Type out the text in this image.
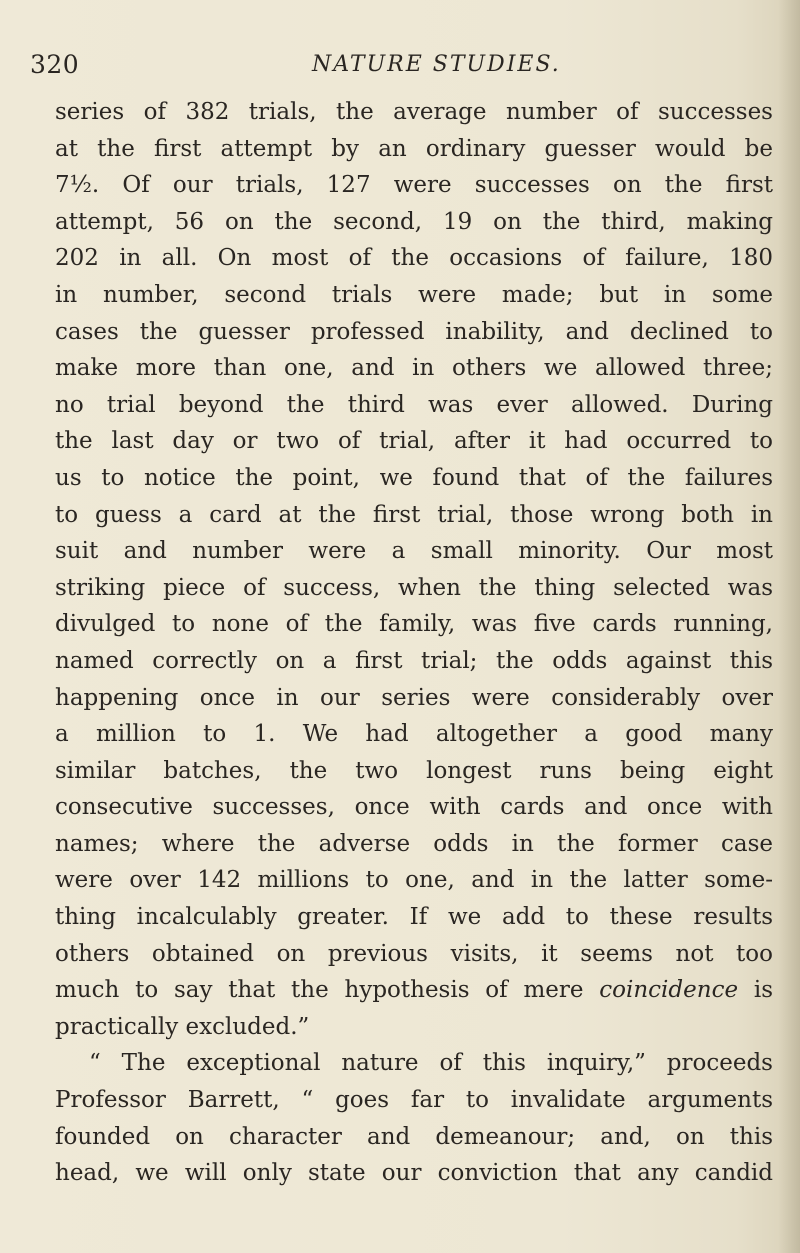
320	NATURE STUDIES.
series of 382 trials, the average number of successes
at the first attempt by an ordinary guesser would be
7½. Of our trials, 127 were successes on the first
attempt, 56 on the second, 19 on the third, making
202 in all. On most of the occasions of failure, 180
in number, second trials were made; but in some
cases the guesser professed inability, and declined to
make more than one, and in others we allowed three;
no trial beyond the third was ever allowed. During
the last day or two of trial, after it had occurred to
us to notice the point, we found that of the failures
to guess a card at the first trial, those wrong both in
suit and number were a small minority. Our most
striking piece of success, when the thing selected was
divulged to none of the family, was five cards running,
named correctly on a first trial; the odds against this
happening once in our series were considerably over
a million to 1. We had altogether a good many
similar batches, the two longest runs being eight
consecutive successes, once with cards and once with
names; where the adverse odds in the former case
were over 142 millions to one, and in the latter some-
thing incalculably greater. If we add to these results
others obtained on previous visits, it seems not too
much to say that the hypothesis of mere coincidence is
practically excluded.”
“ The exceptional nature of this inquiry,” proceeds
Professor Barrett, “ goes far to invalidate arguments
founded on character and demeanour; and, on this
head, we will only state our conviction that any candid
